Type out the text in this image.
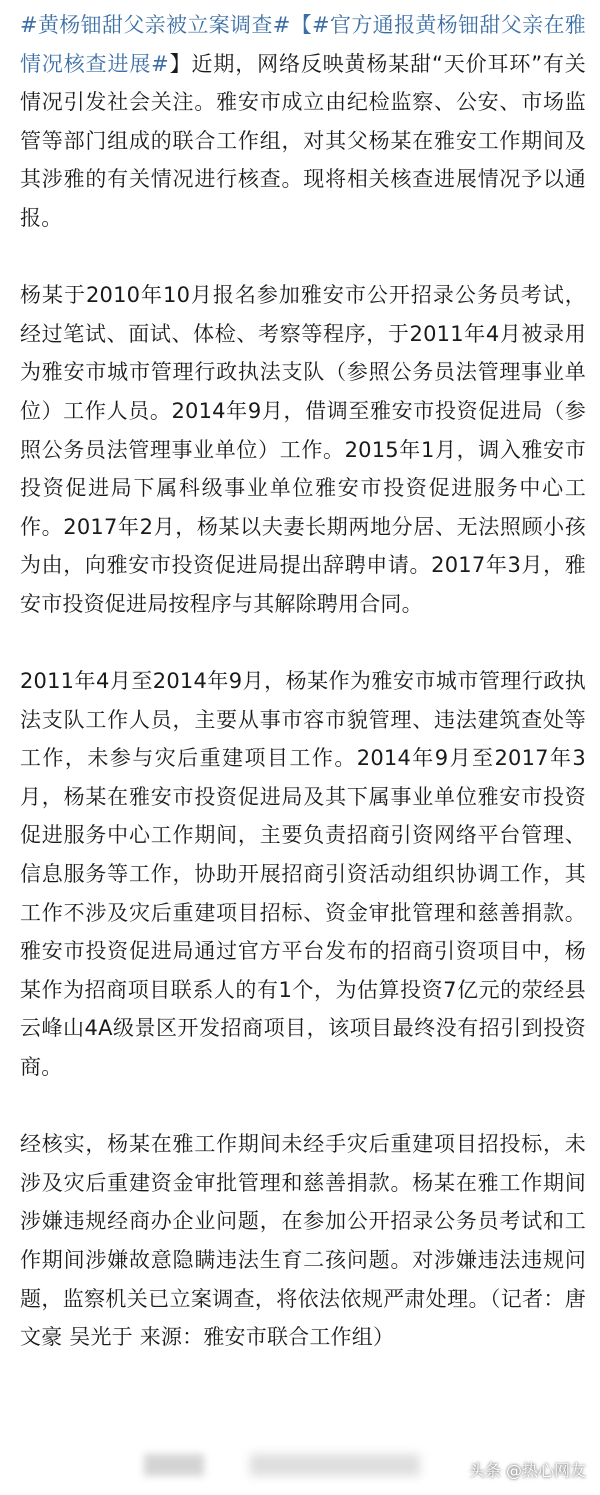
#黄杨钿甜父亲被立案调查#【#官方通报黄杨钿甜父亲在雅情况核查进展#】近期，网络反映黄杨某甜“天价耳环”有关情况引发社会关注。雅安市成立由纪检监察、公安、市场监管等部门组成的联合工作组，对其父杨某在雅安工作期间及其涉雅的有关情况进行核查。现将相关核查进展情况予以通报。

杨某于2010年10月报名参加雅安市公开招录公务员考试，经过笔试、面试、体检、考察等程序，于2011年4月被录用为雅安市城市管理行政执法支队（参照公务员法管理事业单位）工作人员。2014年9月，借调至雅安市投资促进局（参照公务员法管理事业单位）工作。2015年1月，调入雅安市投资促进局下属科级事业单位雅安市投资促进服务中心工作。2017年2月，杨某以夫妻长期两地分居、无法照顾小孩为由，向雅安市投资促进局提出辞聘申请。2017年3月，雅安市投资促进局按程序与其解除聘用合同。

2011年4月至2014年9月，杨某作为雅安市城市管理行政执法支队工作人员，主要从事市容市貌管理、违法建筑查处等工作，未参与灾后重建项目工作。2014年9月至2017年3月，杨某在雅安市投资促进局及其下属事业单位雅安市投资促进服务中心工作期间，主要负责招商引资网络平台管理、信息服务等工作，协助开展招商引资活动组织协调工作，其工作不涉及灾后重建项目招标、资金审批管理和慈善捐款。雅安市投资促进局通过官方平台发布的招商引资项目中，杨某作为招商项目联系人的有1个，为估算投资7亿元的荥经县云峰山4A级景区开发招商项目，该项目最终没有招引到投资商。

经核实，杨某在雅工作期间未经手灾后重建项目招投标，未涉及灾后重建资金审批管理和慈善捐款。杨某在雅工作期间涉嫌违规经商办企业问题，在参加公开招录公务员考试和工作期间涉嫌故意隐瞒违法生育二孩问题。对涉嫌违法违规问题，监察机关已立案调查，将依法依规严肃处理。（记者：唐文豪 吴光于 来源：雅安市联合工作组）

头条 @热心网友
